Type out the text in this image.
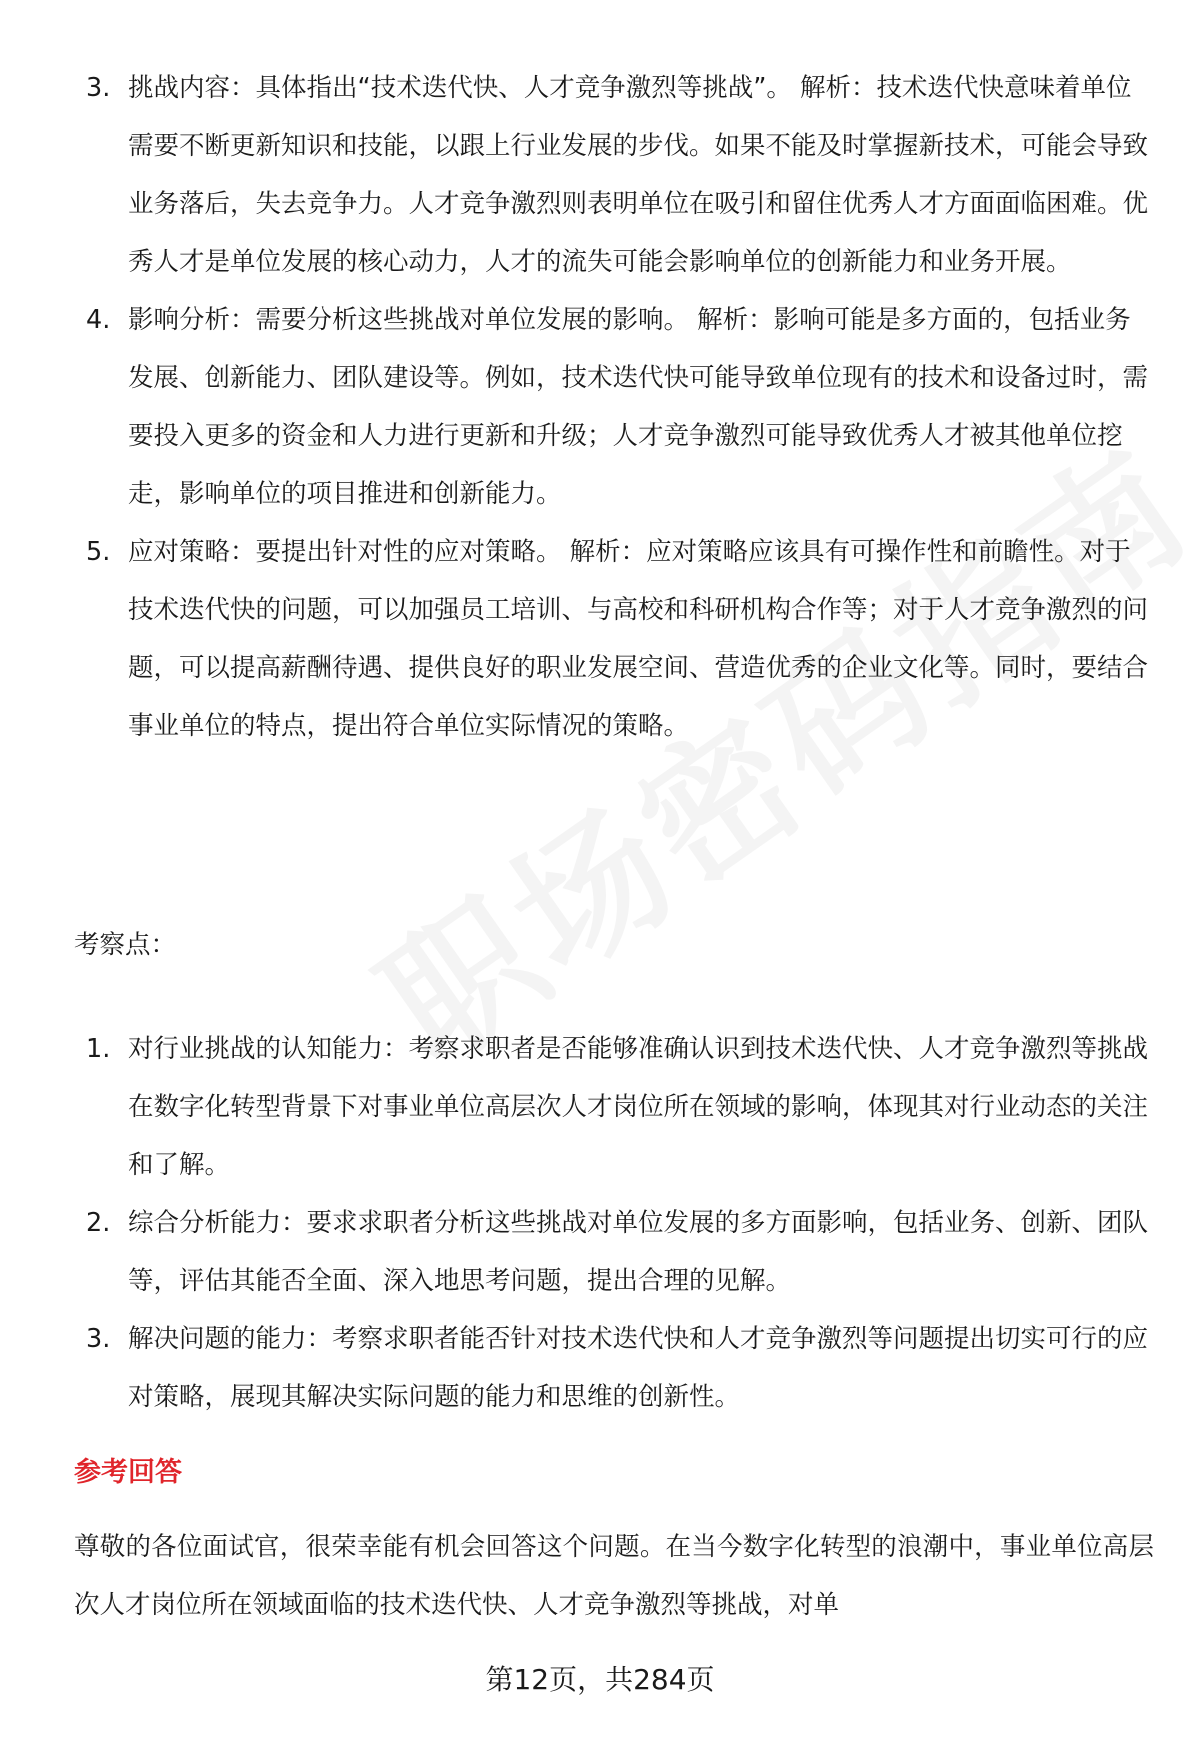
3. 挑战内容：具体指出“技术迭代快、人才竞争激烈等挑战”。 解析：技术迭代快意味着单位需要不断更新知识和技能，以跟上行业发展的步伐。如果不能及时掌握新技术，可能会导致业务落后，失去竞争力。人才竞争激烈则表明单位在吸引和留住优秀人才方面面临困难。优秀人才是单位发展的核心动力，人才的流失可能会影响单位的创新能力和业务开展。
4. 影响分析：需要分析这些挑战对单位发展的影响。 解析：影响可能是多方面的，包括业务发展、创新能力、团队建设等。例如，技术迭代快可能导致单位现有的技术和设备过时，需要投入更多的资金和人力进行更新和升级；人才竞争激烈可能导致优秀人才被其他单位挖走，影响单位的项目推进和创新能力。
5. 应对策略：要提出针对性的应对策略。 解析：应对策略应该具有可操作性和前瞻性。对于技术迭代快的问题，可以加强员工培训、与高校和科研机构合作等；对于人才竞争激烈的问题，可以提高薪酬待遇、提供良好的职业发展空间、营造优秀的企业文化等。同时，要结合事业单位的特点，提出符合单位实际情况的策略。
考察点：
1. 对行业挑战的认知能力：考察求职者是否能够准确认识到技术迭代快、人才竞争激烈等挑战在数字化转型背景下对事业单位高层次人才岗位所在领域的影响，体现其对行业动态的关注和了解。
2. 综合分析能力：要求求职者分析这些挑战对单位发展的多方面影响，包括业务、创新、团队等，评估其能否全面、深入地思考问题，提出合理的见解。
3. 解决问题的能力：考察求职者能否针对技术迭代快和人才竞争激烈等问题提出切实可行的应对策略，展现其解决实际问题的能力和思维的创新性。
参考回答
尊敬的各位面试官，很荣幸能有机会回答这个问题。在当今数字化转型的浪潮中，事业单位高层次人才岗位所在领域面临的技术迭代快、人才竞争激烈等挑战，对单
第12页，共284页
